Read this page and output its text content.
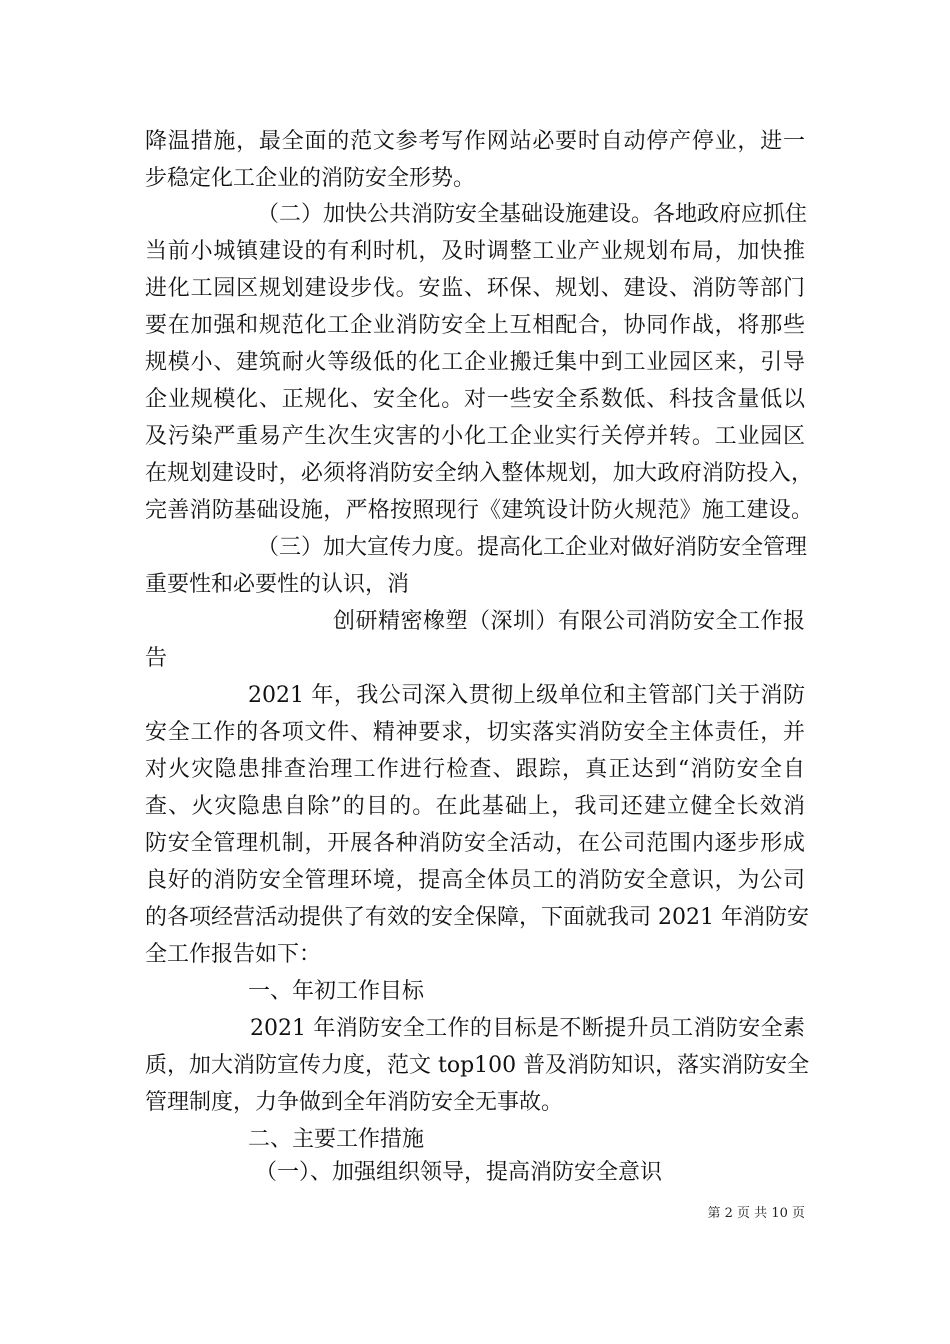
降温措施，最全面的范文参考写作网站必要时自动停产停业，进一
步稳定化工企业的消防安全形势。
（二）加快公共消防安全基础设施建设。各地政府应抓住
当前小城镇建设的有利时机，及时调整工业产业规划布局，加快推
进化工园区规划建设步伐。安监、环保、规划、建设、消防等部门
要在加强和规范化工企业消防安全上互相配合，协同作战，将那些
规模小、建筑耐火等级低的化工企业搬迁集中到工业园区来，引导
企业规模化、正规化、安全化。对一些安全系数低、科技含量低以
及污染严重易产生次生灾害的小化工企业实行关停并转。工业园区
在规划建设时，必须将消防安全纳入整体规划，加大政府消防投入，
完善消防基础设施，严格按照现行《建筑设计防火规范》施工建设。
（三）加大宣传力度。提高化工企业对做好消防安全管理
重要性和必要性的认识，消
创研精密橡塑（深圳）有限公司消防安全工作报
告
2021 年，我公司深入贯彻上级单位和主管部门关于消防
安全工作的各项文件、精神要求，切实落实消防安全主体责任，并
对火灾隐患排查治理工作进行检查、跟踪，真正达到“消防安全自
查、火灾隐患自除”的目的。在此基础上，我司还建立健全长效消
防安全管理机制，开展各种消防安全活动，在公司范围内逐步形成
良好的消防安全管理环境，提高全体员工的消防安全意识，为公司
的各项经营活动提供了有效的安全保障，下面就我司 2021 年消防安
全工作报告如下：
一、年初工作目标
2021 年消防安全工作的目标是不断提升员工消防安全素
质，加大消防宣传力度，范文 top100 普及消防知识，落实消防安全
管理制度，力争做到全年消防安全无事故。
二、主要工作措施
（一）、加强组织领导，提高消防安全意识
第 2 页 共 10 页
